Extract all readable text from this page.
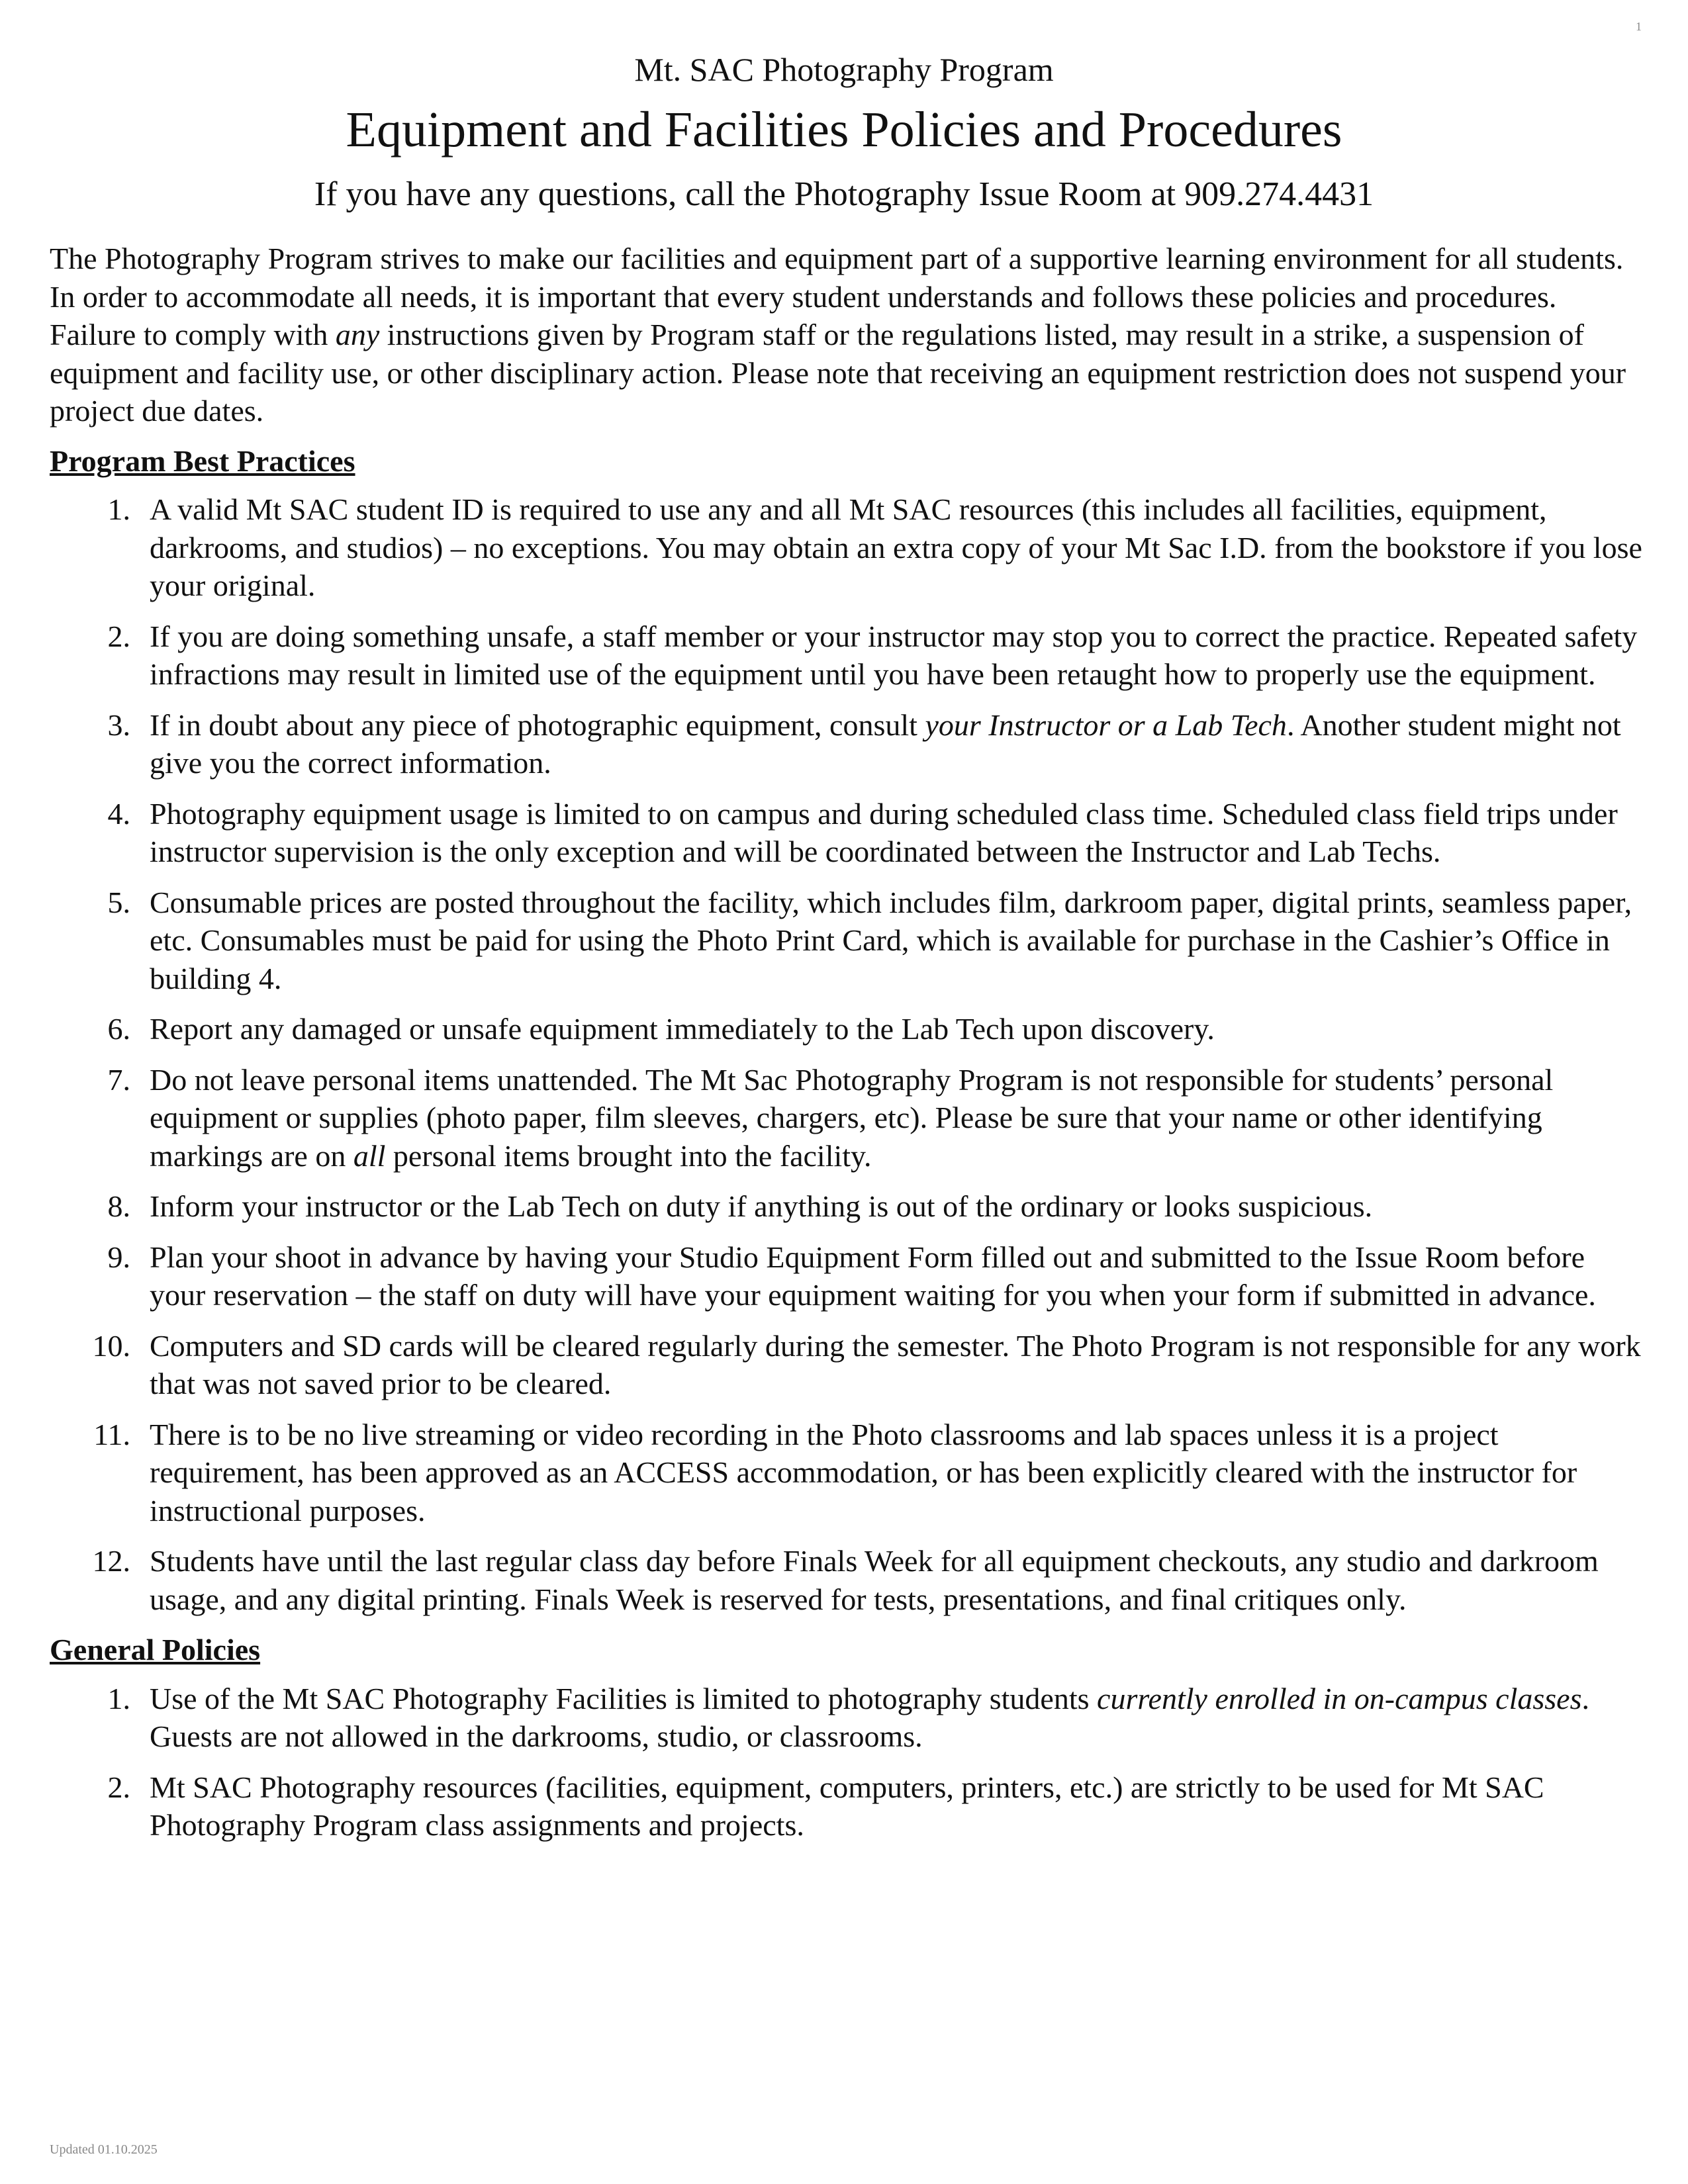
1

Mt. SAC Photography Program

Equipment and Facilities Policies and Procedures

If you have any questions, call the Photography Issue Room at 909.274.4431

The Photography Program strives to make our facilities and equipment part of a supportive learning environment for all students. In order to accommodate all needs, it is important that every student understands and follows these policies and procedures. Failure to comply with any instructions given by Program staff or the regulations listed, may result in a strike, a suspension of equipment and facility use, or other disciplinary action. Please note that receiving an equipment restriction does not suspend your project due dates.

Program Best Practices
1. A valid Mt SAC student ID is required to use any and all Mt SAC resources (this includes all facilities, equipment, darkrooms, and studios) – no exceptions. You may obtain an extra copy of your Mt Sac I.D. from the bookstore if you lose your original.
2. If you are doing something unsafe, a staff member or your instructor may stop you to correct the practice. Repeated safety infractions may result in limited use of the equipment until you have been retaught how to properly use the equipment.
3. If in doubt about any piece of photographic equipment, consult your Instructor or a Lab Tech. Another student might not give you the correct information.
4. Photography equipment usage is limited to on campus and during scheduled class time. Scheduled class field trips under instructor supervision is the only exception and will be coordinated between the Instructor and Lab Techs.
5. Consumable prices are posted throughout the facility, which includes film, darkroom paper, digital prints, seamless paper, etc. Consumables must be paid for using the Photo Print Card, which is available for purchase in the Cashier’s Office in building 4.
6. Report any damaged or unsafe equipment immediately to the Lab Tech upon discovery.
7. Do not leave personal items unattended. The Mt Sac Photography Program is not responsible for students’ personal equipment or supplies (photo paper, film sleeves, chargers, etc). Please be sure that your name or other identifying markings are on all personal items brought into the facility.
8. Inform your instructor or the Lab Tech on duty if anything is out of the ordinary or looks suspicious.
9. Plan your shoot in advance by having your Studio Equipment Form filled out and submitted to the Issue Room before your reservation – the staff on duty will have your equipment waiting for you when your form if submitted in advance.
10. Computers and SD cards will be cleared regularly during the semester. The Photo Program is not responsible for any work that was not saved prior to be cleared.
11. There is to be no live streaming or video recording in the Photo classrooms and lab spaces unless it is a project requirement, has been approved as an ACCESS accommodation, or has been explicitly cleared with the instructor for instructional purposes.
12. Students have until the last regular class day before Finals Week for all equipment checkouts, any studio and darkroom usage, and any digital printing. Finals Week is reserved for tests, presentations, and final critiques only.
General Policies
1. Use of the Mt SAC Photography Facilities is limited to photography students currently enrolled in on-campus classes. Guests are not allowed in the darkrooms, studio, or classrooms.
2. Mt SAC Photography resources (facilities, equipment, computers, printers, etc.) are strictly to be used for Mt SAC Photography Program class assignments and projects.
Updated 01.10.2025
